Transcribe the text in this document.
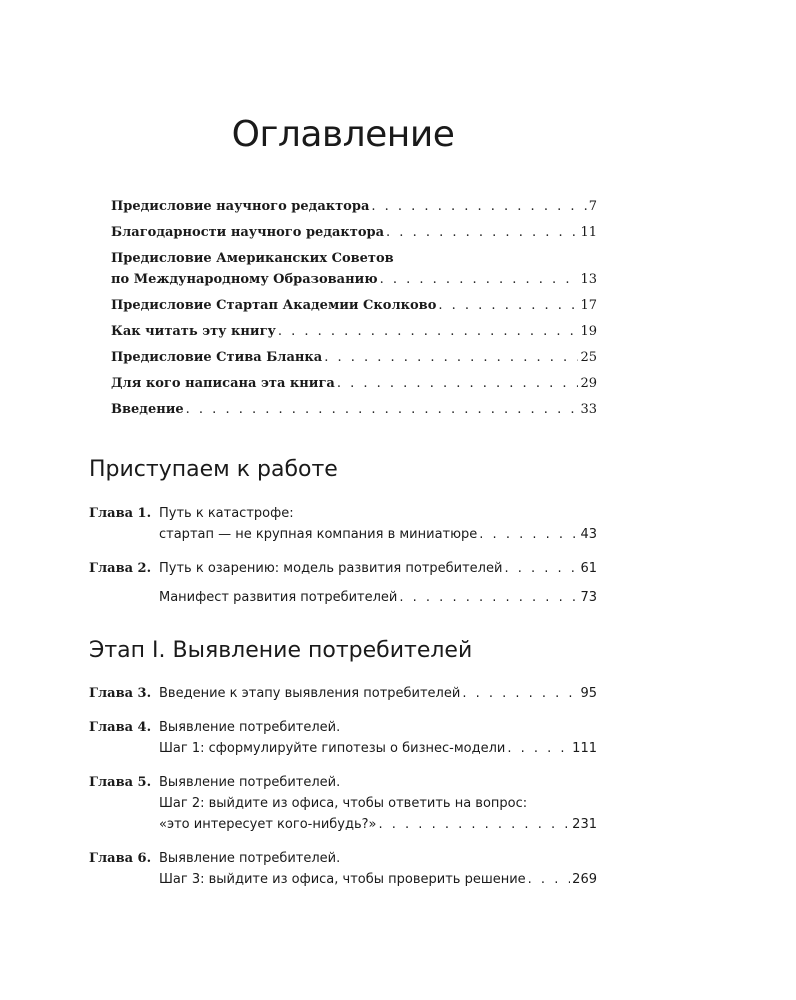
Оглавление
Предисловие научного редактора . . .	7
Благодарности научного редактора . . .	11
Предисловие Американских Советов
по Международному Образованию . . .	13
Предисловие Стартап Академии Сколково . . .	17
Как читать эту книгу . . .	19
Предисловие Стива Бланка . . .	25
Для кого написана эта книга . . .	29
Введение . . .	33
Приступаем к работе
Глава 1. Путь к катастрофе:
стартап — не крупная компания в миниатюре . . .	43
Глава 2. Путь к озарению: модель развития потребителей . . .	61
Манифест развития потребителей . . .	73
Этап I. Выявление потребителей
Глава 3. Введение к этапу выявления потребителей . . .	95
Глава 4. Выявление потребителей.
Шаг 1: сформулируйте гипотезы о бизнес-модели . . .	111
Глава 5. Выявление потребителей.
Шаг 2: выйдите из офиса, чтобы ответить на вопрос:
«это интересует кого-нибудь?» . . .	231
Глава 6. Выявление потребителей.
Шаг 3: выйдите из офиса, чтобы проверить решение . . .	269
